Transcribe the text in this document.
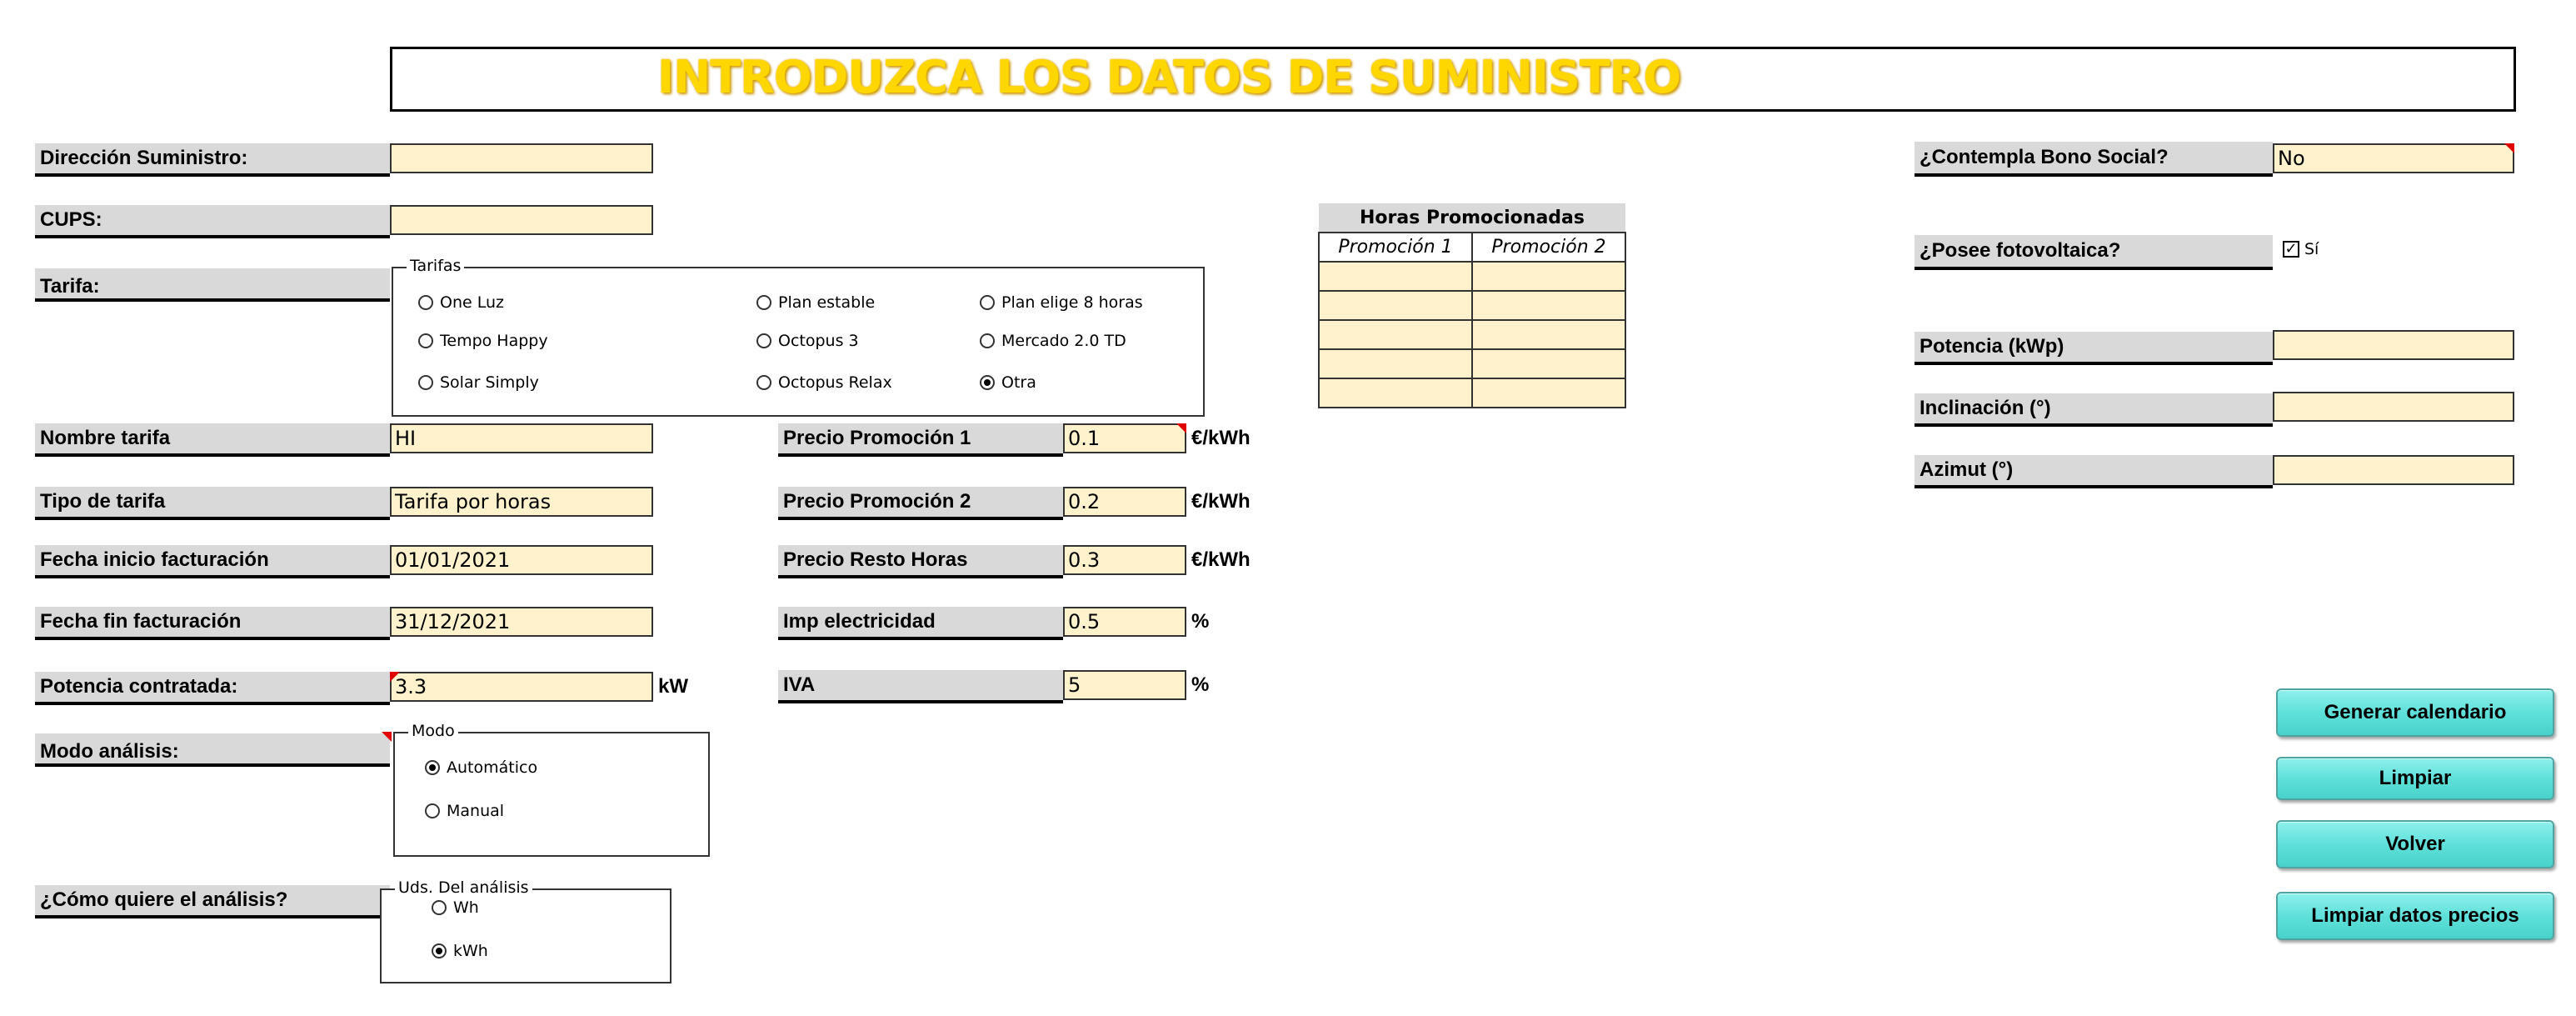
INTRODUZCA LOS DATOS DE SUMINISTRO
Dirección Suministro:
CUPS:
Tarifa:
Tarifas
One Luz	Plan estable	Plan elige 8 horas
Tempo Happy	Octopus 3	Mercado 2.0 TD
Solar Simply	Octopus Relax	Otra
Nombre tarifa	HI
Tipo de tarifa	Tarifa por horas
Fecha inicio facturación	01/01/2021
Fecha fin facturación	31/12/2021
Potencia contratada:	3.3	kW
Modo análisis:
Modo
Automático
Manual
¿Cómo quiere el análisis?
Uds. Del análisis
Wh
kWh
Precio Promoción 1	0.1	€/kWh
Precio Promoción 2	0.2	€/kWh
Precio Resto Horas	0.3	€/kWh
Imp electricidad	0.5	%
IVA	5	%
Horas Promocionadas	
Promoción 1	Promoción 2

¿Contempla Bono Social?	No
¿Posee fotovoltaica?	✓ Sí
Potencia (kWp)
Inclinación (°)
Azimut (°)
Generar calendario
Limpiar
Volver
Limpiar datos precios
